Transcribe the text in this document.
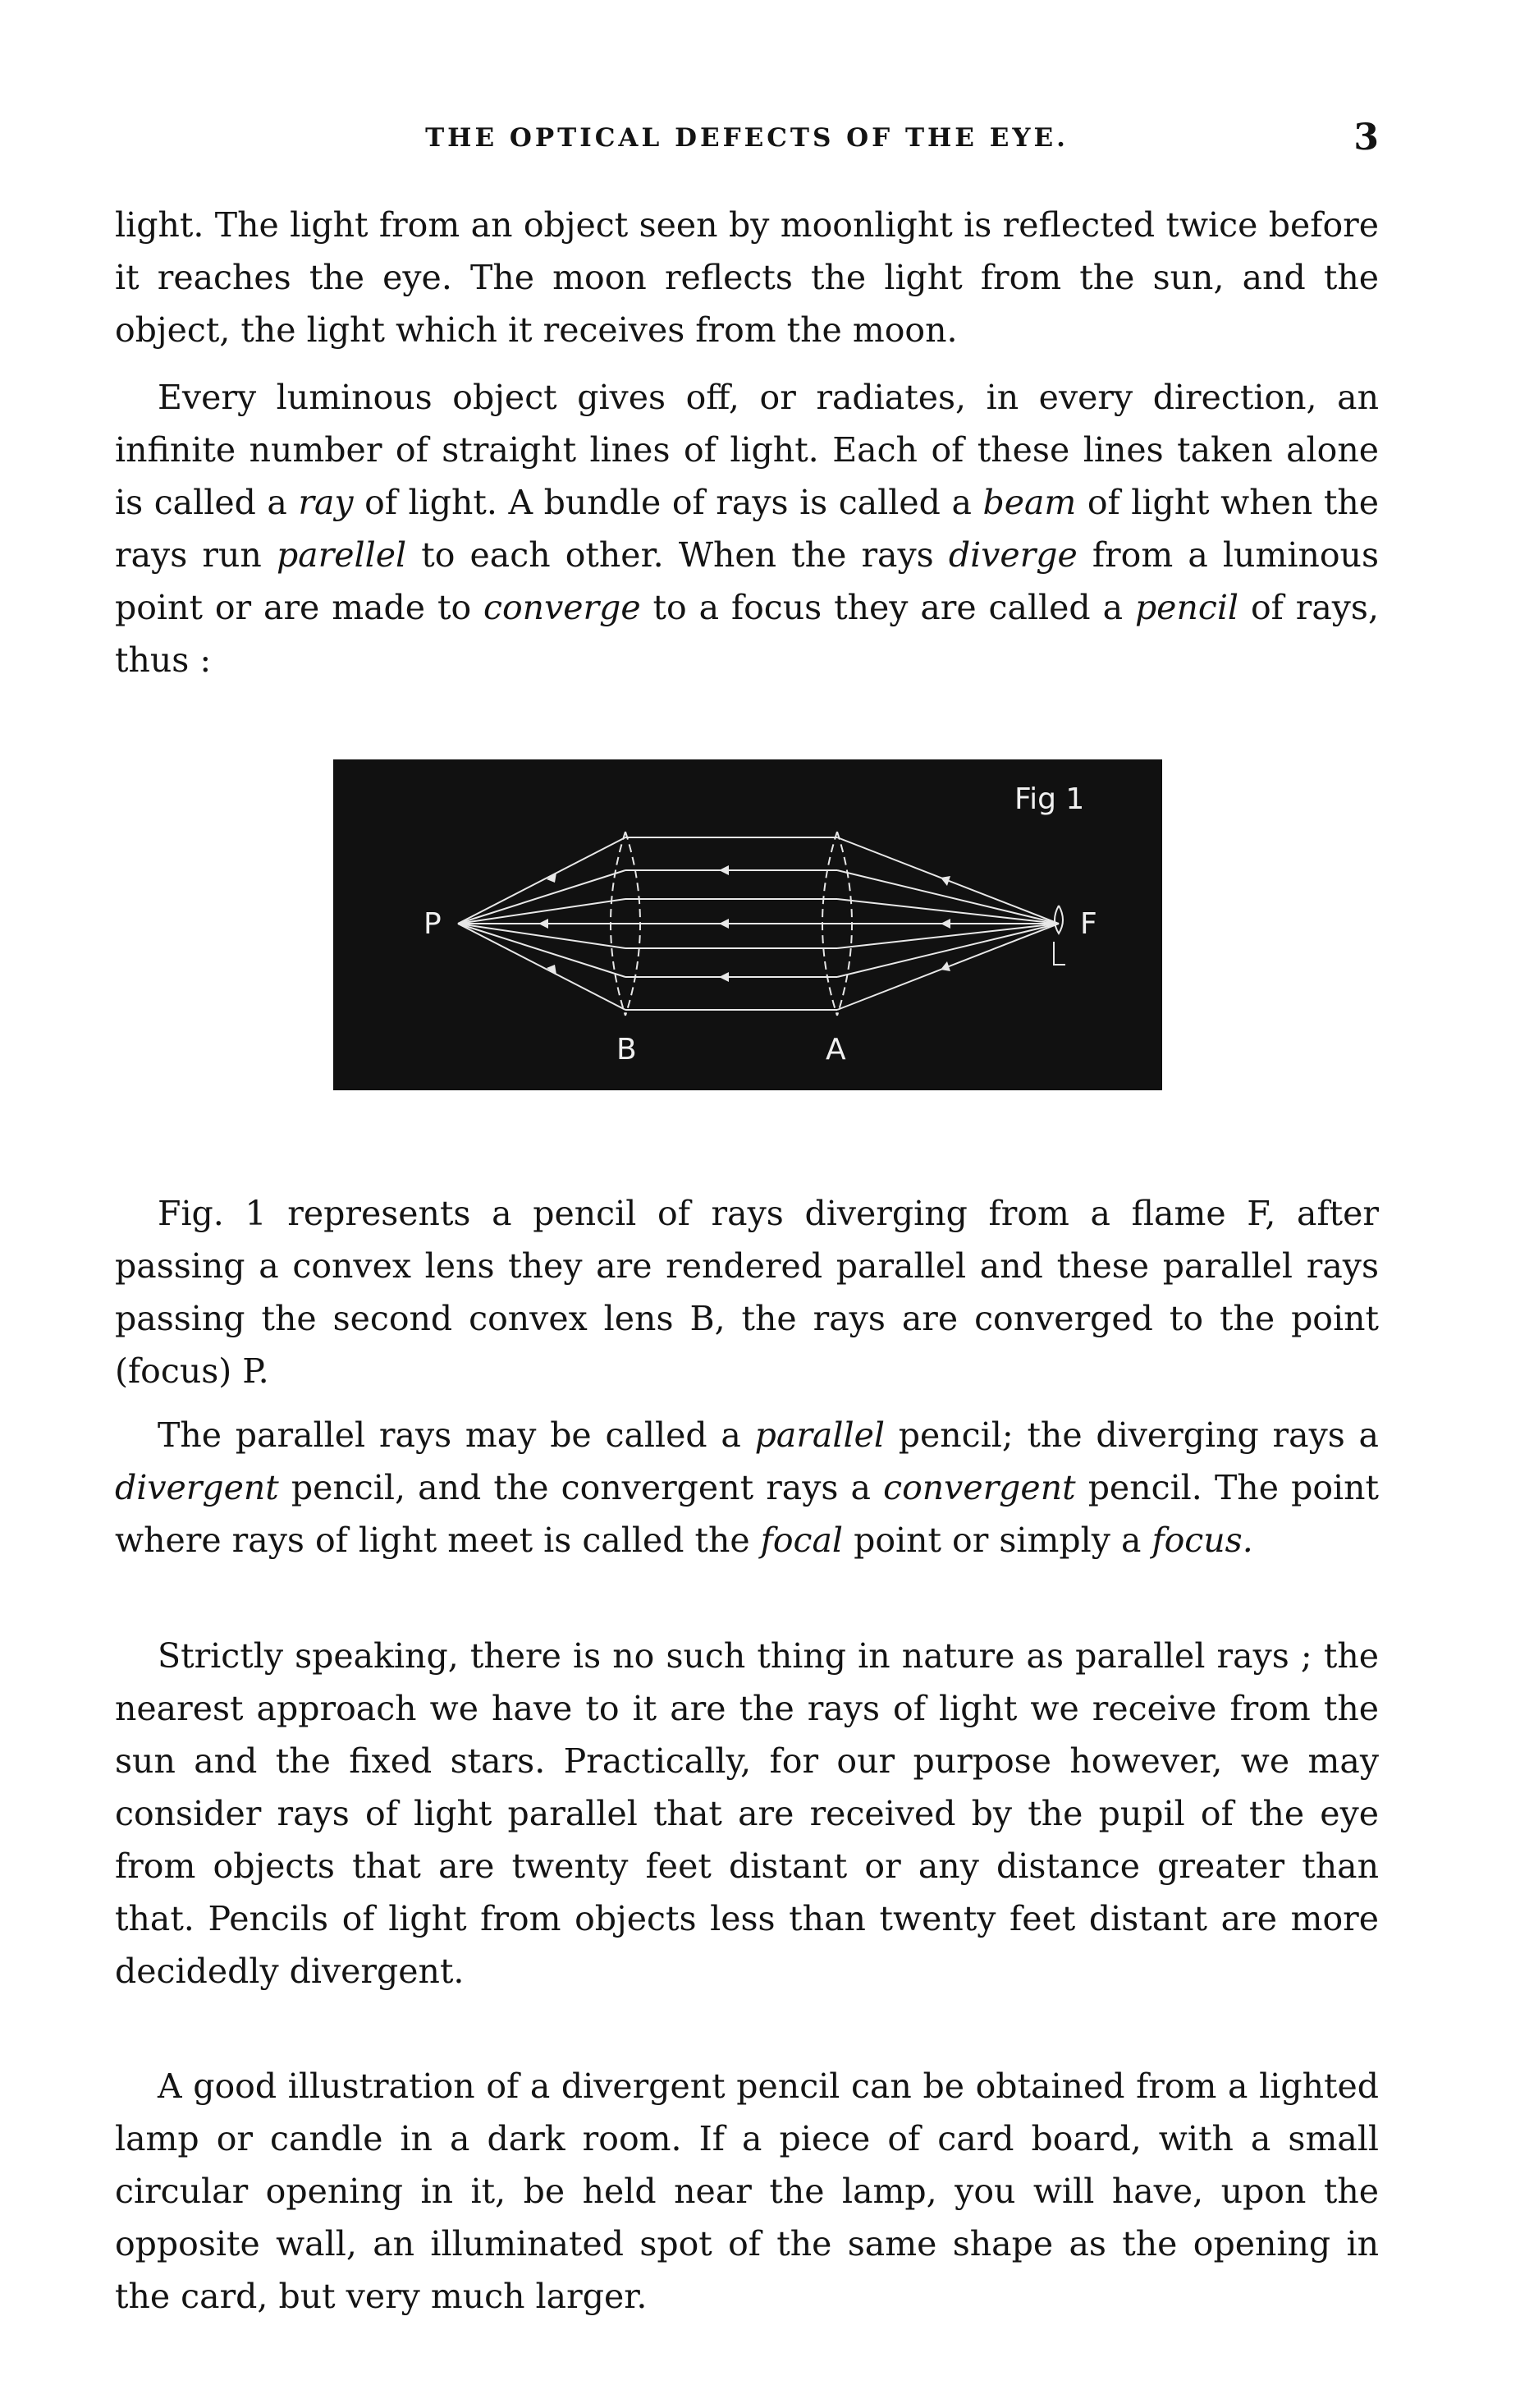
THE OPTICAL DEFECTS OF THE EYE.	3

light. The light from an object seen by moonlight is reflected twice before it reaches the eye. The moon reflects the light from the sun, and the object, the light which it receives from the moon.

Every luminous object gives off, or radiates, in every direction, an infinite number of straight lines of light. Each of these lines taken alone is called a ray of light. A bundle of rays is called a beam of light when the rays run parellel to each other. When the rays diverge from a luminous point or are made to converge to a focus they are called a pencil of rays, thus :

Fig 1
P	F
B	A

Fig. 1 represents a pencil of rays diverging from a flame F, after passing a convex lens they are rendered parallel and these parallel rays passing the second convex lens B, the rays are converged to the point (focus) P.

The parallel rays may be called a parallel pencil; the diverging rays a divergent pencil, and the convergent rays a convergent pencil. The point where rays of light meet is called the focal point or simply a focus.

Strictly speaking, there is no such thing in nature as parallel rays ; the nearest approach we have to it are the rays of light we receive from the sun and the fixed stars. Practically, for our purpose however, we may consider rays of light parallel that are received by the pupil of the eye from objects that are twenty feet distant or any distance greater than that. Pencils of light from objects less than twenty feet distant are more decidedly divergent.

A good illustration of a divergent pencil can be obtained from a lighted lamp or candle in a dark room. If a piece of card board, with a small circular opening in it, be held near the lamp, you will have, upon the opposite wall, an illuminated spot of the same shape as the opening in the card, but very much larger.
